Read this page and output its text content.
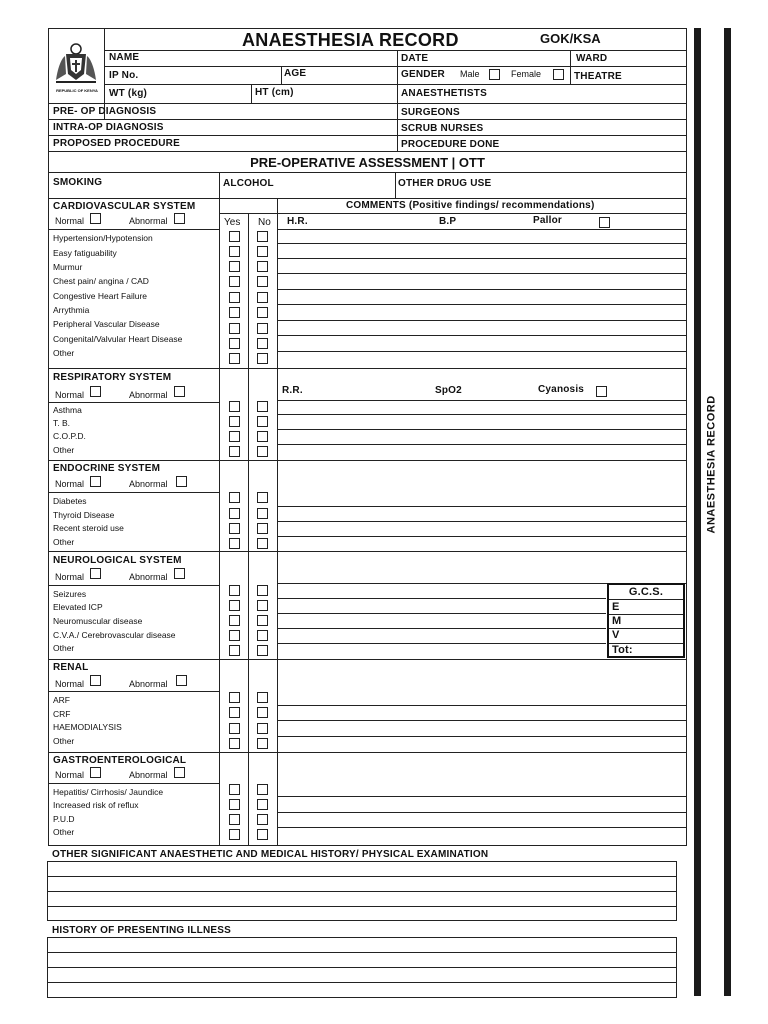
ANAESTHESIA RECORD
REPUBLIC OF KENYA
ANAESTHESIA RECORD	GOK/KSA
NAME	DATE	WARD
IP No.	AGE	GENDER Male	Female	THEATRE
WT (kg)	HT (cm)	ANAESTHETISTS
PRE- OP DIAGNOSIS	SURGEONS
INTRA-OP DIAGNOSIS	SCRUB NURSES
PROPOSED PROCEDURE	PROCEDURE DONE
PRE-OPERATIVE ASSESSMENT | OTT
SMOKING	ALCOHOL	OTHER DRUG USE
COMMENTS (Positive findings/ recommendations)
Yes No
CARDIOVASCULAR SYSTEM
Normal	Abnormal	H.R.	B.P	Pallor
Hypertension/Hypotension
Easy fatiguability
Murmur
Chest pain/ angina / CAD
Congestive Heart Failure
Arrythmia
Peripheral Vascular Disease
Congenital/Valvular Heart Disease
Other
RESPIRATORY SYSTEM
Normal	Abnormal	R.R.	SpO2	Cyanosis
Asthma
T. B.
C.O.P.D.
Other
ENDOCRINE SYSTEM
Normal	Abnormal
Diabetes
Thyroid Disease
Recent steroid use
Other
NEUROLOGICAL SYSTEM
Normal	Abnormal
Seizures
Elevated ICP
Neuromuscular disease
C.V.A./ Cerebrovascular disease
Other
G.C.S.
E
M
V
Tot:
RENAL
Normal	Abnormal
ARF
CRF
HAEMODIALYSIS
Other
GASTROENTEROLOGICAL
Normal	Abnormal
Hepatitis/ Cirrhosis/ Jaundice
Increased risk of reflux
P.U.D
Other
OTHER SIGNIFICANT ANAESTHETIC AND MEDICAL HISTORY/ PHYSICAL EXAMINATION
HISTORY OF PRESENTING ILLNESS
